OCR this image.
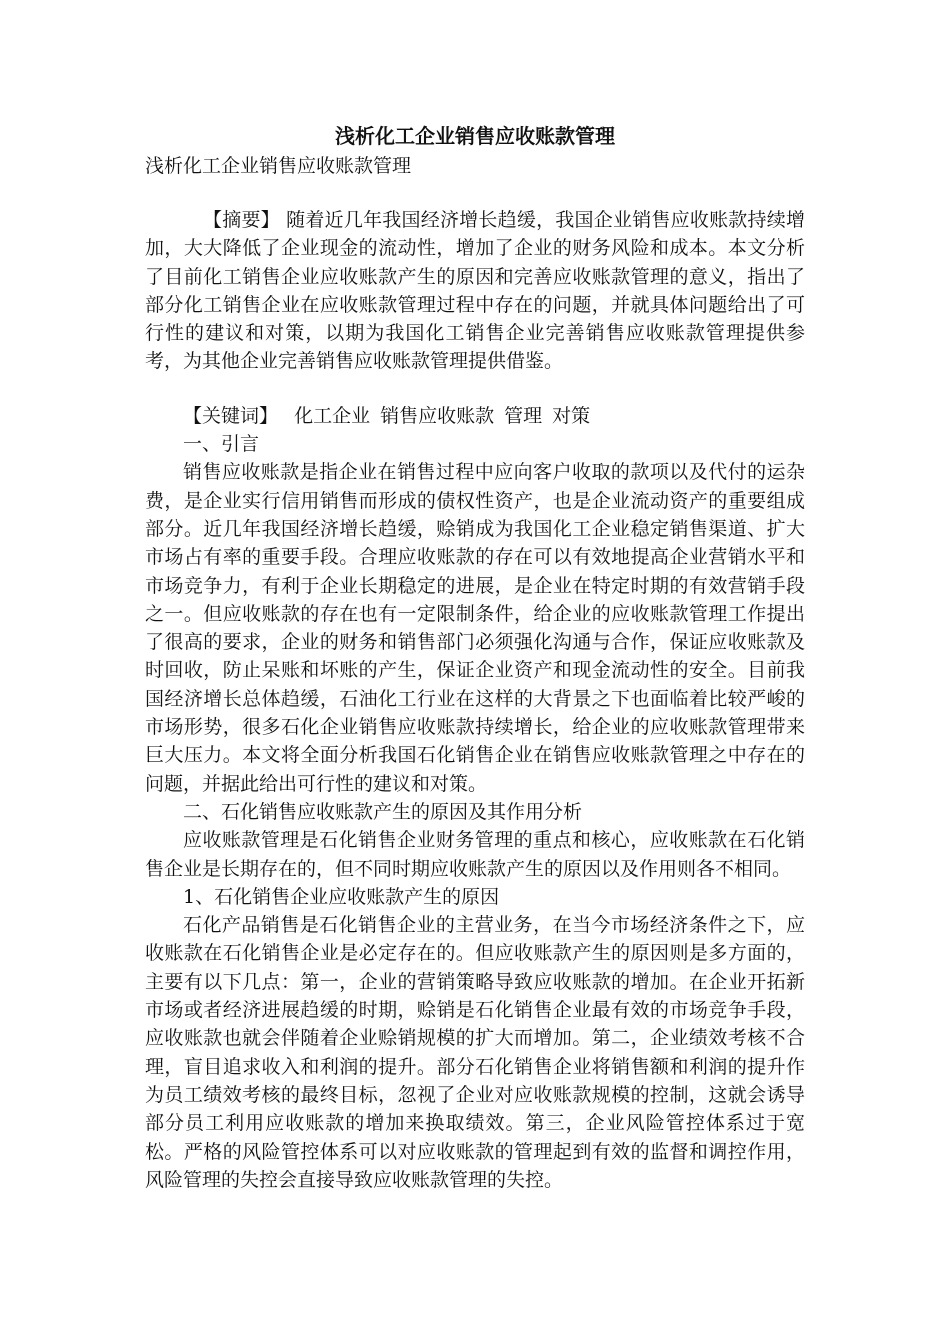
浅析化工企业销售应收账款管理

浅析化工企业销售应收账款管理

【摘要】 随着近几年我国经济增长趋缓，我国企业销售应收账款持续增加，大大降低了企业现金的流动性，增加了企业的财务风险和成本。本文分析了目前化工销售企业应收账款产生的原因和完善应收账款管理的意义，指出了部分化工销售企业在应收账款管理过程中存在的问题，并就具体问题给出了可行性的建议和对策，以期为我国化工销售企业完善销售应收账款管理提供参考，为其他企业完善销售应收账款管理提供借鉴。

【关键词】 化工企业 销售应收账款 管理 对策

一、引言

销售应收账款是指企业在销售过程中应向客户收取的款项以及代付的运杂费，是企业实行信用销售而形成的债权性资产，也是企业流动资产的重要组成部分。近几年我国经济增长趋缓，赊销成为我国化工企业稳定销售渠道、扩大市场占有率的重要手段。合理应收账款的存在可以有效地提高企业营销水平和市场竞争力，有利于企业长期稳定的进展，是企业在特定时期的有效营销手段之一。但应收账款的存在也有一定限制条件，给企业的应收账款管理工作提出了很高的要求，企业的财务和销售部门必须强化沟通与合作，保证应收账款及时回收，防止呆账和坏账的产生，保证企业资产和现金流动性的安全。目前我国经济增长总体趋缓，石油化工行业在这样的大背景之下也面临着比较严峻的市场形势，很多石化企业销售应收账款持续增长，给企业的应收账款管理带来巨大压力。本文将全面分析我国石化销售企业在销售应收账款管理之中存在的问题，并据此给出可行性的建议和对策。

二、石化销售应收账款产生的原因及其作用分析

应收账款管理是石化销售企业财务管理的重点和核心，应收账款在石化销售企业是长期存在的，但不同时期应收账款产生的原因以及作用则各不相同。

1、石化销售企业应收账款产生的原因

石化产品销售是石化销售企业的主营业务，在当今市场经济条件之下，应收账款在石化销售企业是必定存在的。但应收账款产生的原因则是多方面的，主要有以下几点：第一，企业的营销策略导致应收账款的增加。在企业开拓新市场或者经济进展趋缓的时期，赊销是石化销售企业最有效的市场竞争手段，应收账款也就会伴随着企业赊销规模的扩大而增加。第二，企业绩效考核不合理，盲目追求收入和利润的提升。部分石化销售企业将销售额和利润的提升作为员工绩效考核的最终目标，忽视了企业对应收账款规模的控制，这就会诱导部分员工利用应收账款的增加来换取绩效。第三，企业风险管控体系过于宽松。严格的风险管控体系可以对应收账款的管理起到有效的监督和调控作用，风险管理的失控会直接导致应收账款管理的失控。
